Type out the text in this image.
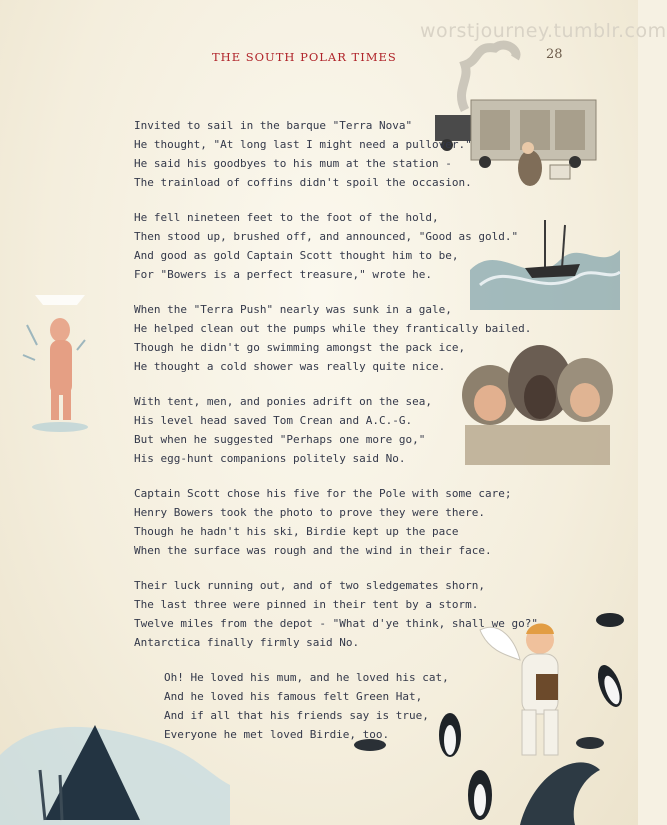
worstjourney.tumblr.com
THE SOUTH POLAR TIMES	28
Invited to sail in the barque "Terra Nova"
He thought, "At long last I might need a pullover."
He said his goodbyes to his mum at the station -
The trainload of coffins didn't spoil the occasion.
He fell nineteen feet to the foot of the hold,
Then stood up, brushed off, and announced, "Good as gold."
And good as gold Captain Scott thought him to be,
For "Bowers is a perfect treasure," wrote he.
When the "Terra Push" nearly was sunk in a gale,
He helped clean out the pumps while they frantically bailed.
Though he didn't go swimming amongst the pack ice,
He thought a cold shower was really quite nice.
With tent, men, and ponies adrift on the sea,
His level head saved Tom Crean and A.C.-G.
But when he suggested "Perhaps one more go,"
His egg-hunt companions politely said No.
Captain Scott chose his five for the Pole with some care;
Henry Bowers took the photo to prove they were there.
Though he hadn't his ski, Birdie kept up the pace
When the surface was rough and the wind in their face.
Their luck running out, and of two sledgemates shorn,
The last three were pinned in their tent by a storm.
Twelve miles from the depot - "What d'ye think, shall we go?"
Antarctica finally firmly said No.
Oh! He loved his mum, and he loved his cat,
And he loved his famous felt Green Hat,
And if all that his friends say is true,
Everyone he met loved Birdie, too.
